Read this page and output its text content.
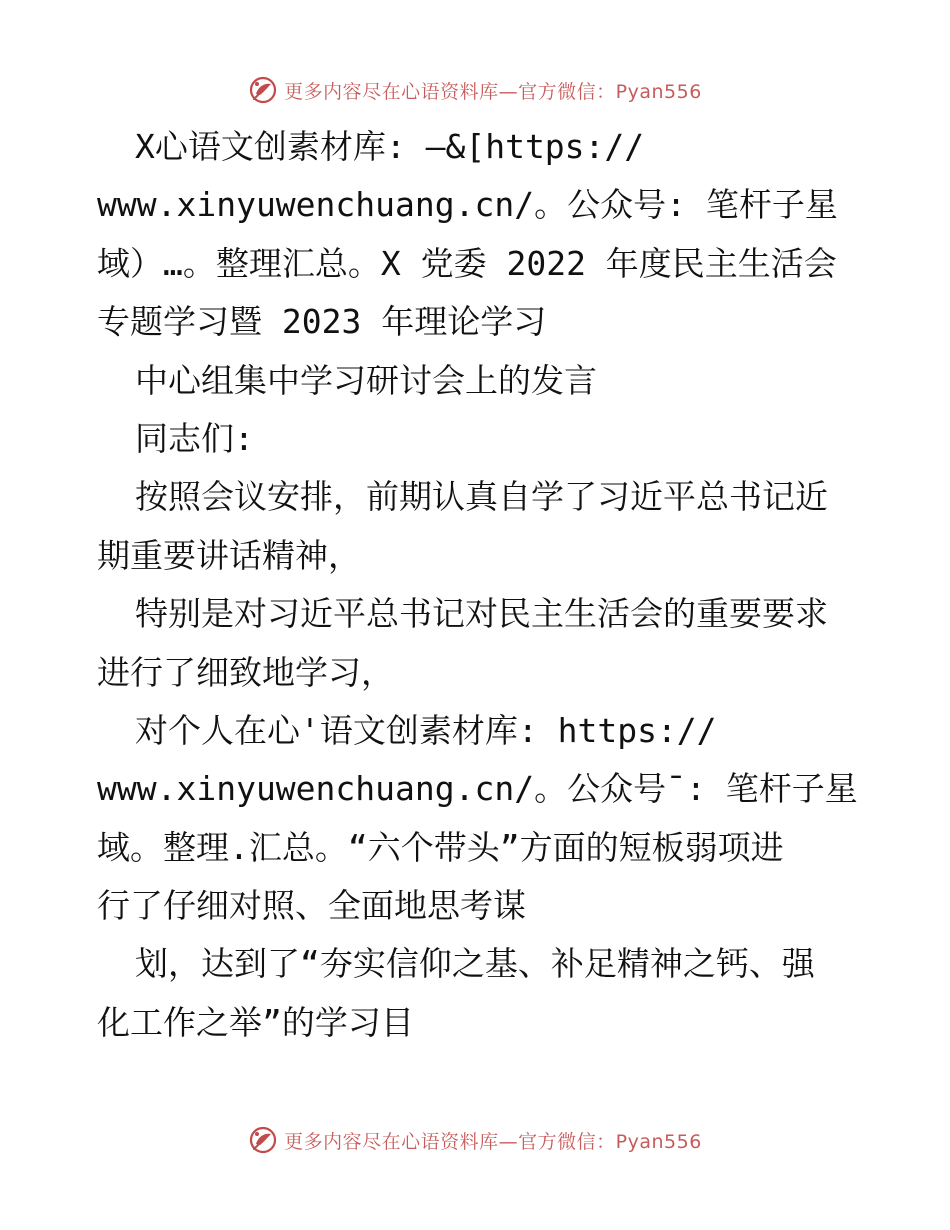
更多内容尽在心语资料库—官方微信：Pyan556
X心语文创素材库: —&[https://
www.xinyuwenchuang.cn/。公众号: 笔杆子星
域）…。整理汇总。X 党委 2022 年度民主生活会
专题学习暨 2023 年理论学习
中心组集中学习研讨会上的发言
同志们:
按照会议安排，前期认真自学了习近平总书记近
期重要讲话精神，
特别是对习近平总书记对民主生活会的重要要求
进行了细致地学习，
对个人在心'语文创素材库: https://
www.xinyuwenchuang.cn/。公众号¯: 笔杆子星
域。整理.汇总。“六个带头”方面的短板弱项进
行了仔细对照、全面地思考谋
划，达到了“夯实信仰之基、补足精神之钙、强
化工作之举”的学习目
更多内容尽在心语资料库—官方微信：Pyan556
